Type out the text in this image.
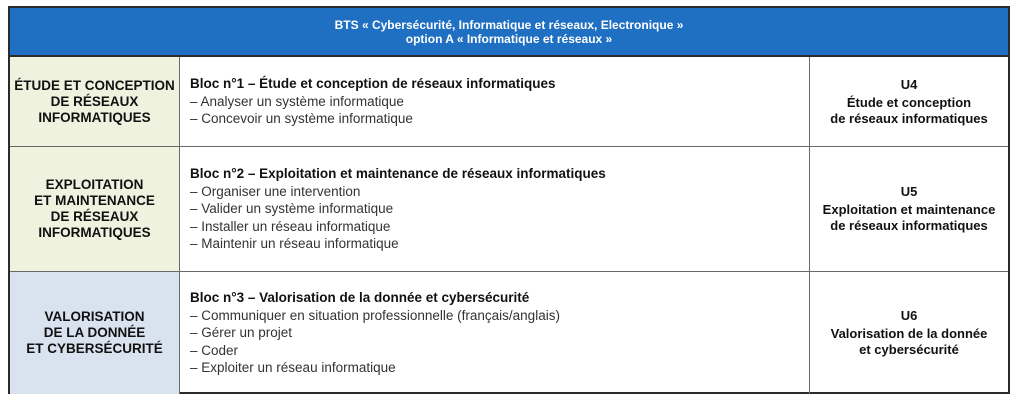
BTS « Cybersécurité, Informatique et réseaux, Electronique »
option A « Informatique et réseaux »
ÉTUDE ET CONCEPTION
DE RÉSEAUX
INFORMATIQUES
Bloc n°1 – Étude et conception de réseaux informatiques
– Analyser un système informatique
– Concevoir un système informatique
U4
Étude et conception
de réseaux informatiques
EXPLOITATION
ET MAINTENANCE
DE RÉSEAUX
INFORMATIQUES
Bloc n°2 – Exploitation et maintenance de réseaux informatiques
– Organiser une intervention
– Valider un système informatique
– Installer un réseau informatique
– Maintenir un réseau informatique
U5
Exploitation et maintenance
de réseaux informatiques
VALORISATION
DE LA DONNÉE
ET CYBERSÉCURITÉ
Bloc n°3 – Valorisation de la donnée et cybersécurité
– Communiquer en situation professionnelle (français/anglais)
– Gérer un projet
– Coder
– Exploiter un réseau informatique
U6
Valorisation de la donnée
et cybersécurité
